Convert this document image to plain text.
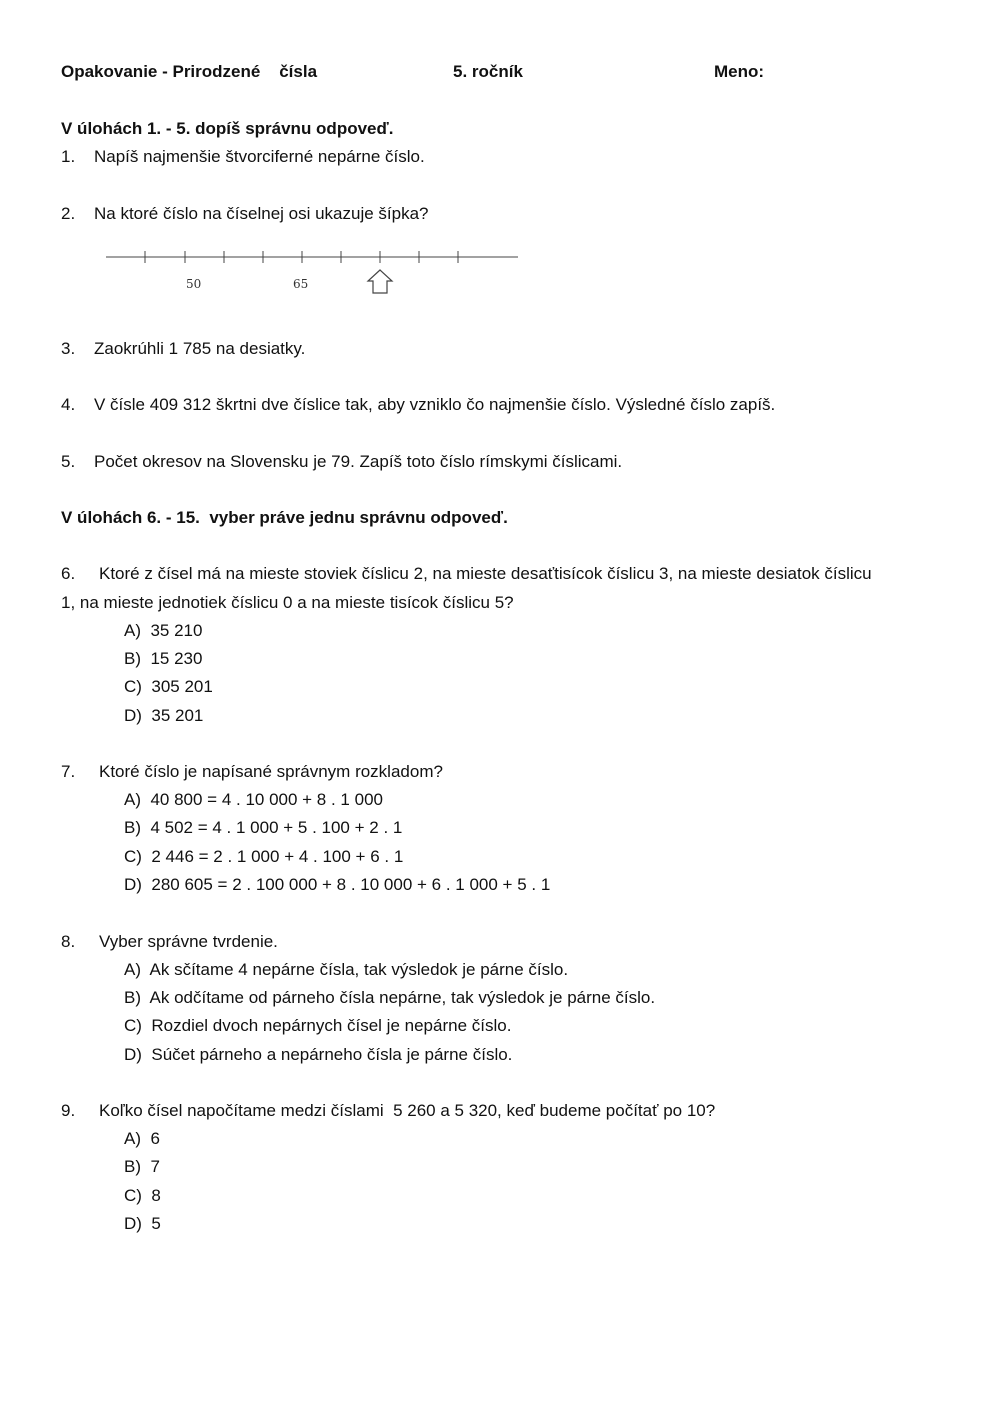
Opakovanie - Prirodzené    čísla	5. ročník	Meno:
V úlohách 1. - 5. dopíš správnu odpoveď.
1. Napíš najmenšie štvorciferné nepárne číslo.
2. Na ktoré číslo na číselnej osi ukazuje šípka?
50	65
3. Zaokrúhli 1 785 na desiatky.
4. V čísle 409 312 škrtni dve číslice tak, aby vzniklo čo najmenšie číslo. Výsledné číslo zapíš.
5. Počet okresov na Slovensku je 79. Zapíš toto číslo rímskymi číslicami.
V úlohách 6. - 15.  vyber práve jednu správnu odpoveď.
6. Ktoré z čísel má na mieste stoviek číslicu 2, na mieste desaťtisícok číslicu 3, na mieste desiatok číslicu
1, na mieste jednotiek číslicu 0 a na mieste tisícok číslicu 5?
A)  35 210
B)  15 230
C)  305 201
D)  35 201
7. Ktoré číslo je napísané správnym rozkladom?
A)  40 800 = 4 . 10 000 + 8 . 1 000
B)  4 502 = 4 . 1 000 + 5 . 100 + 2 . 1
C)  2 446 = 2 . 1 000 + 4 . 100 + 6 . 1
D)  280 605 = 2 . 100 000 + 8 . 10 000 + 6 . 1 000 + 5 . 1
8. Vyber správne tvrdenie.
A)  Ak sčítame 4 nepárne čísla, tak výsledok je párne číslo.
B)  Ak odčítame od párneho čísla nepárne, tak výsledok je párne číslo.
C)  Rozdiel dvoch nepárnych čísel je nepárne číslo.
D)  Súčet párneho a nepárneho čísla je párne číslo.
9. Koľko čísel napočítame medzi číslami  5 260 a 5 320, keď budeme počítať po 10?
A)  6
B)  7
C)  8
D)  5
